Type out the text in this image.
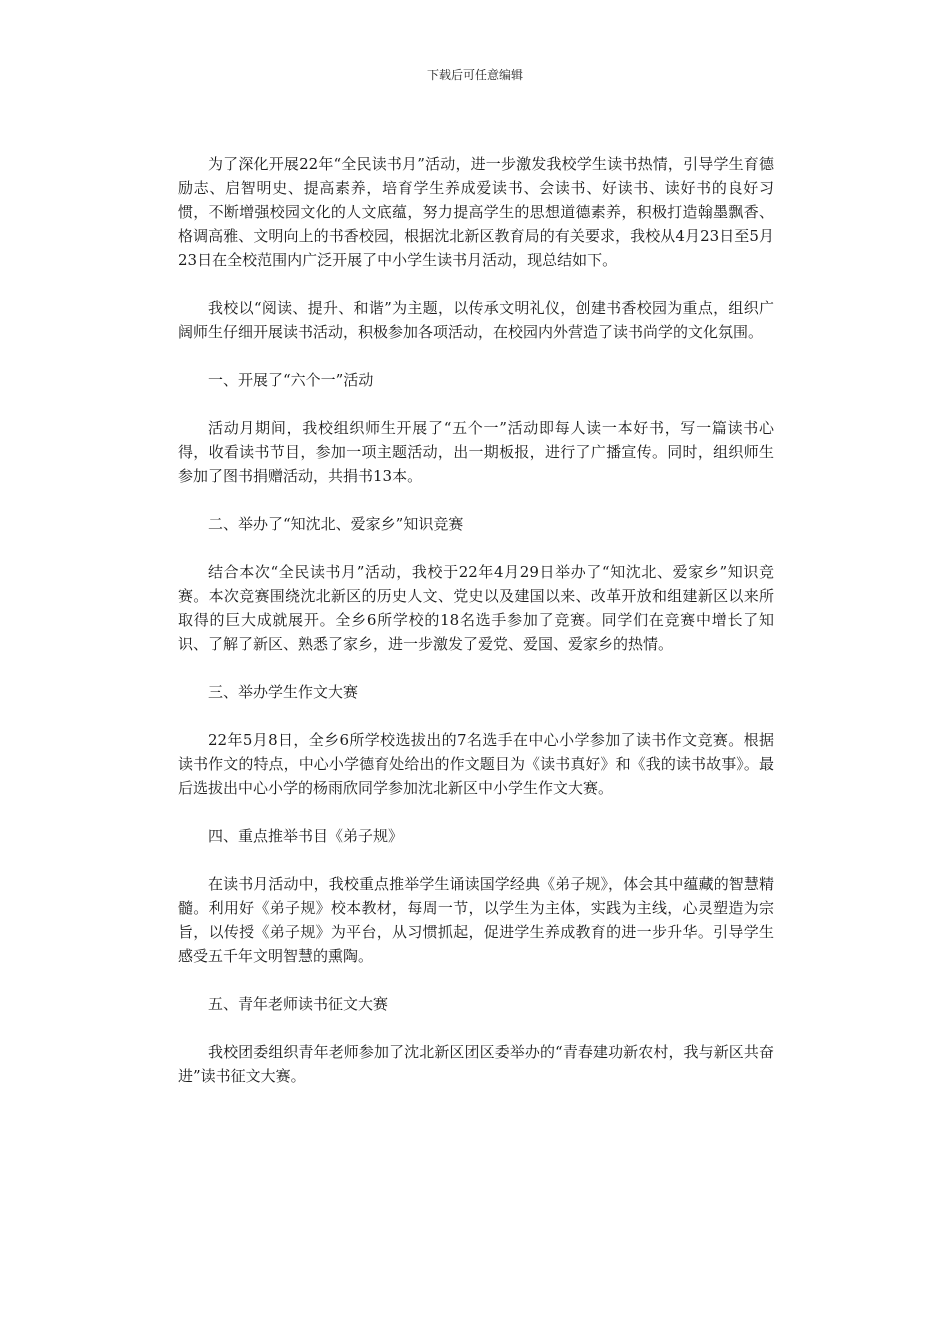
下载后可任意编辑

为了深化开展22年“全民读书月”活动，进一步激发我校学生读书热情，引导学生育德励志、启智明史、提高素养，培育学生养成爱读书、会读书、好读书、读好书的良好习惯，不断增强校园文化的人文底蕴，努力提高学生的思想道德素养，积极打造翰墨飘香、格调高雅、文明向上的书香校园，根据沈北新区教育局的有关要求，我校从4月23日至5月23日在全校范围内广泛开展了中小学生读书月活动，现总结如下。

我校以“阅读、提升、和谐”为主题，以传承文明礼仪，创建书香校园为重点，组织广阔师生仔细开展读书活动，积极参加各项活动，在校园内外营造了读书尚学的文化氛围。

一、开展了“六个一”活动

活动月期间，我校组织师生开展了“五个一”活动即每人读一本好书，写一篇读书心得，收看读书节目，参加一项主题活动，出一期板报，进行了广播宣传。同时，组织师生参加了图书捐赠活动，共捐书13本。

二、举办了“知沈北、爱家乡”知识竞赛

结合本次“全民读书月”活动，我校于22年4月29日举办了“知沈北、爱家乡”知识竞赛。本次竞赛围绕沈北新区的历史人文、党史以及建国以来、改革开放和组建新区以来所取得的巨大成就展开。全乡6所学校的18名选手参加了竞赛。同学们在竞赛中增长了知识、了解了新区、熟悉了家乡，进一步激发了爱党、爱国、爱家乡的热情。

三、举办学生作文大赛

22年5月8日，全乡6所学校选拔出的7名选手在中心小学参加了读书作文竞赛。根据读书作文的特点，中心小学德育处给出的作文题目为《读书真好》和《我的读书故事》。最后选拔出中心小学的杨雨欣同学参加沈北新区中小学生作文大赛。

四、重点推举书目《弟子规》

在读书月活动中，我校重点推举学生诵读国学经典《弟子规》，体会其中蕴藏的智慧精髓。利用好《弟子规》校本教材，每周一节，以学生为主体，实践为主线，心灵塑造为宗旨，以传授《弟子规》为平台，从习惯抓起，促进学生养成教育的进一步升华。引导学生感受五千年文明智慧的熏陶。

五、青年老师读书征文大赛

我校团委组织青年老师参加了沈北新区团区委举办的“青春建功新农村，我与新区共奋进”读书征文大赛。
